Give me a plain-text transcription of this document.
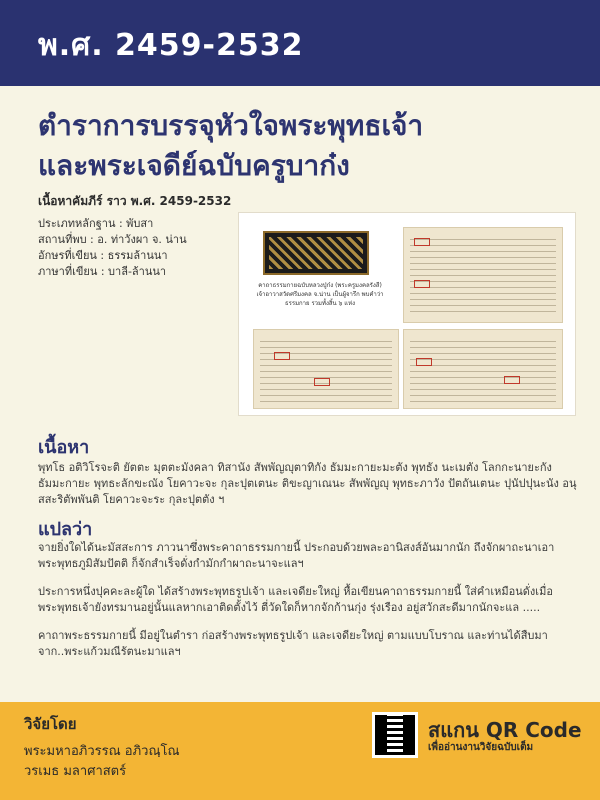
พ.ศ. 2459-2532
ตำราการบรรจุหัวใจพระพุทธเจ้า
และพระเจดีย์ฉบับครูบาก๋ง
เนื้อหาคัมภีร์ ราว พ.ศ. 2459-2532
ประเภทหลักฐาน : พับสา
สถานที่พบ : อ. ท่าวังผา จ. น่าน
อักษรที่เขียน : ธรรมล้านนา
ภาษาที่เขียน : บาลี-ล้านนา
คาถาธรรมกายฉบับหลวงปู่ก๋ง (พระครูมงคลรังสี) เจ้าอาวาสวัดศรีมงคล จ.น่าน เป็นผู้จารึก พบคำว่า ธรรมกาย รวมทั้งสิ้น ๖ แห่ง
เนื้อหา
พุทโธ อติวิโรจะติ ยัตตะ มุตตะมังคลา ทิสานัง สัพพัญญุตาทิกัง ธัมมะกายะมะตัง พุทธัง นะเมตัง โลกกะนายะกัง ธัมมะกายะ พุทธะลักขะณัง โยคาวะจะ กุละปุตเตนะ ติขะญาเณนะ สัพพัญญุ พุทธะภาวัง ปัตถันเตนะ ปุนัปปุนะนัง อนุสสะริตัพพันติ โยคาวะจะระ กุละปุตตัง ฯ
แปลว่า

จายยิ่งใดได้นะมัสสะการ ภาวนาซึ่งพระคาถาธรรมกายนี้ ประกอบด้วยพละอานิสงส์อันมากนัก ถึงจักผาถะนาเอาพระพุทธภูมิสัมปัตติ ก็จักสำเร็จดั่งกำมักกำผาถะนาจะแลฯ

ประการหนึ่งปุคคะละผู้ใด ได้สร้างพระพุทธรูปเจ้า และเจดียะใหญ่ หื้อเขียนคาถาธรรมกายนี้ ใส่คำเหมือนดั่งเมื่อ พระพุทธเจ้ายังทรมานอยู่นั้นแลหากเอาติดตั้งไว้ ตี่วัดใดก็หากจักก้านกุ่ง รุ่งเรือง อยู่สวักสะดีมากนักจะแล .....

คาถาพระธรรมกายนี้ มีอยู่ในตำรา ก่อสร้างพระพุทธรูปเจ้า และเจดียะใหญ่ ตามแบบโบราณ และท่านได้สืบมา จาก..พระแก้วมณีรัตนะมาแลฯ

วิจัยโดย
พระมหาอภิวรรณ อภิวณฺโณ
วรเมธ มลาศาสตร์
สแกน QR Code
เพื่ออ่านงานวิจัยฉบับเต็ม
